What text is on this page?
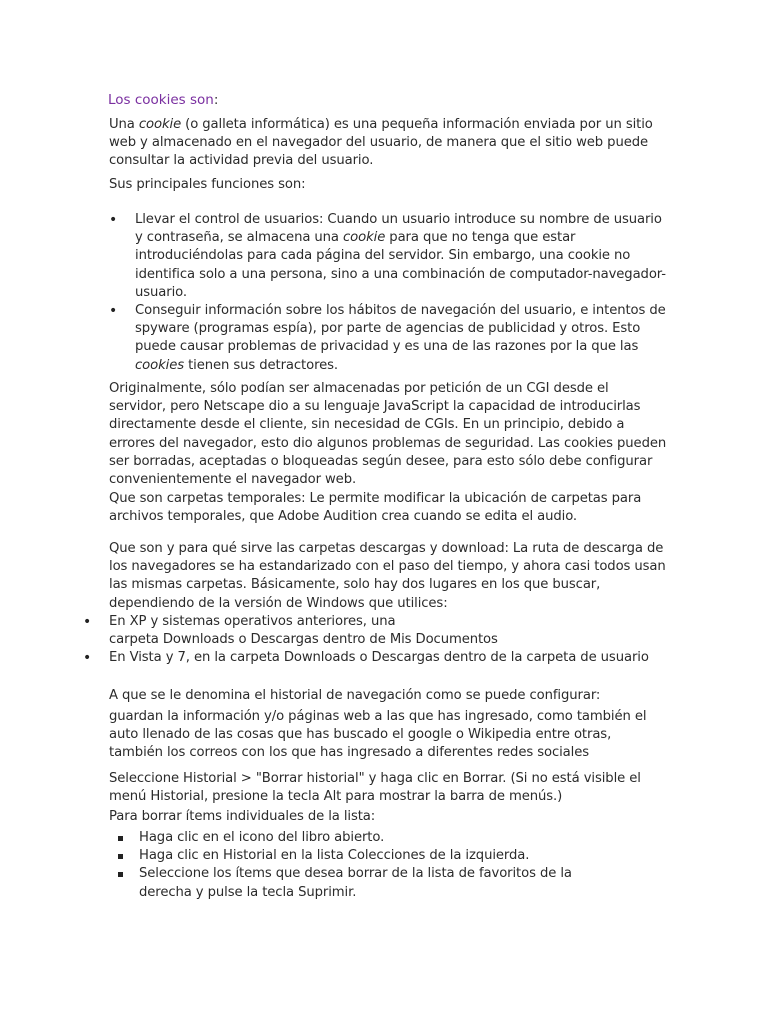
Los cookies son:

Una cookie (o galleta informática) es una pequeña información enviada por un sitio web y almacenado en el navegador del usuario, de manera que el sitio web puede consultar la actividad previa del usuario.

Sus principales funciones son:

• Llevar el control de usuarios: Cuando un usuario introduce su nombre de usuario y contraseña, se almacena una cookie para que no tenga que estar introduciéndolas para cada página del servidor. Sin embargo, una cookie no identifica solo a una persona, sino a una combinación de computador-navegador-usuario.
• Conseguir información sobre los hábitos de navegación del usuario, e intentos de spyware (programas espía), por parte de agencias de publicidad y otros. Esto puede causar problemas de privacidad y es una de las razones por la que las cookies tienen sus detractores.

Originalmente, sólo podían ser almacenadas por petición de un CGI desde el servidor, pero Netscape dio a su lenguaje JavaScript la capacidad de introducirlas directamente desde el cliente, sin necesidad de CGIs. En un principio, debido a errores del navegador, esto dio algunos problemas de seguridad. Las cookies pueden ser borradas, aceptadas o bloqueadas según desee, para esto sólo debe configurar convenientemente el navegador web.

Que son carpetas temporales: Le permite modificar la ubicación de carpetas para archivos temporales, que Adobe Audition crea cuando se edita el audio.

Que son y para qué sirve las carpetas descargas y download: La ruta de descarga de los navegadores se ha estandarizado con el paso del tiempo, y ahora casi todos usan las mismas carpetas. Básicamente, solo hay dos lugares en los que buscar, dependiendo de la versión de Windows que utilices:

• En XP y sistemas operativos anteriores, una
carpeta Downloads o Descargas dentro de Mis Documentos
• En Vista y 7, en la carpeta Downloads o Descargas dentro de la carpeta de usuario

A que se le denomina el historial de navegación como se puede configurar:

guardan la información y/o páginas web a las que has ingresado, como también el auto llenado de las cosas que has buscado el google o Wikipedia entre otras, también los correos con los que has ingresado a diferentes redes sociales

Seleccione Historial > "Borrar historial" y haga clic en Borrar. (Si no está visible el menú Historial, presione la tecla Alt para mostrar la barra de menús.)

Para borrar ítems individuales de la lista:

Haga clic en el icono del libro abierto.
Haga clic en Historial en la lista Colecciones de la izquierda.
Seleccione los ítems que desea borrar de la lista de favoritos de la derecha y pulse la tecla Suprimir.
